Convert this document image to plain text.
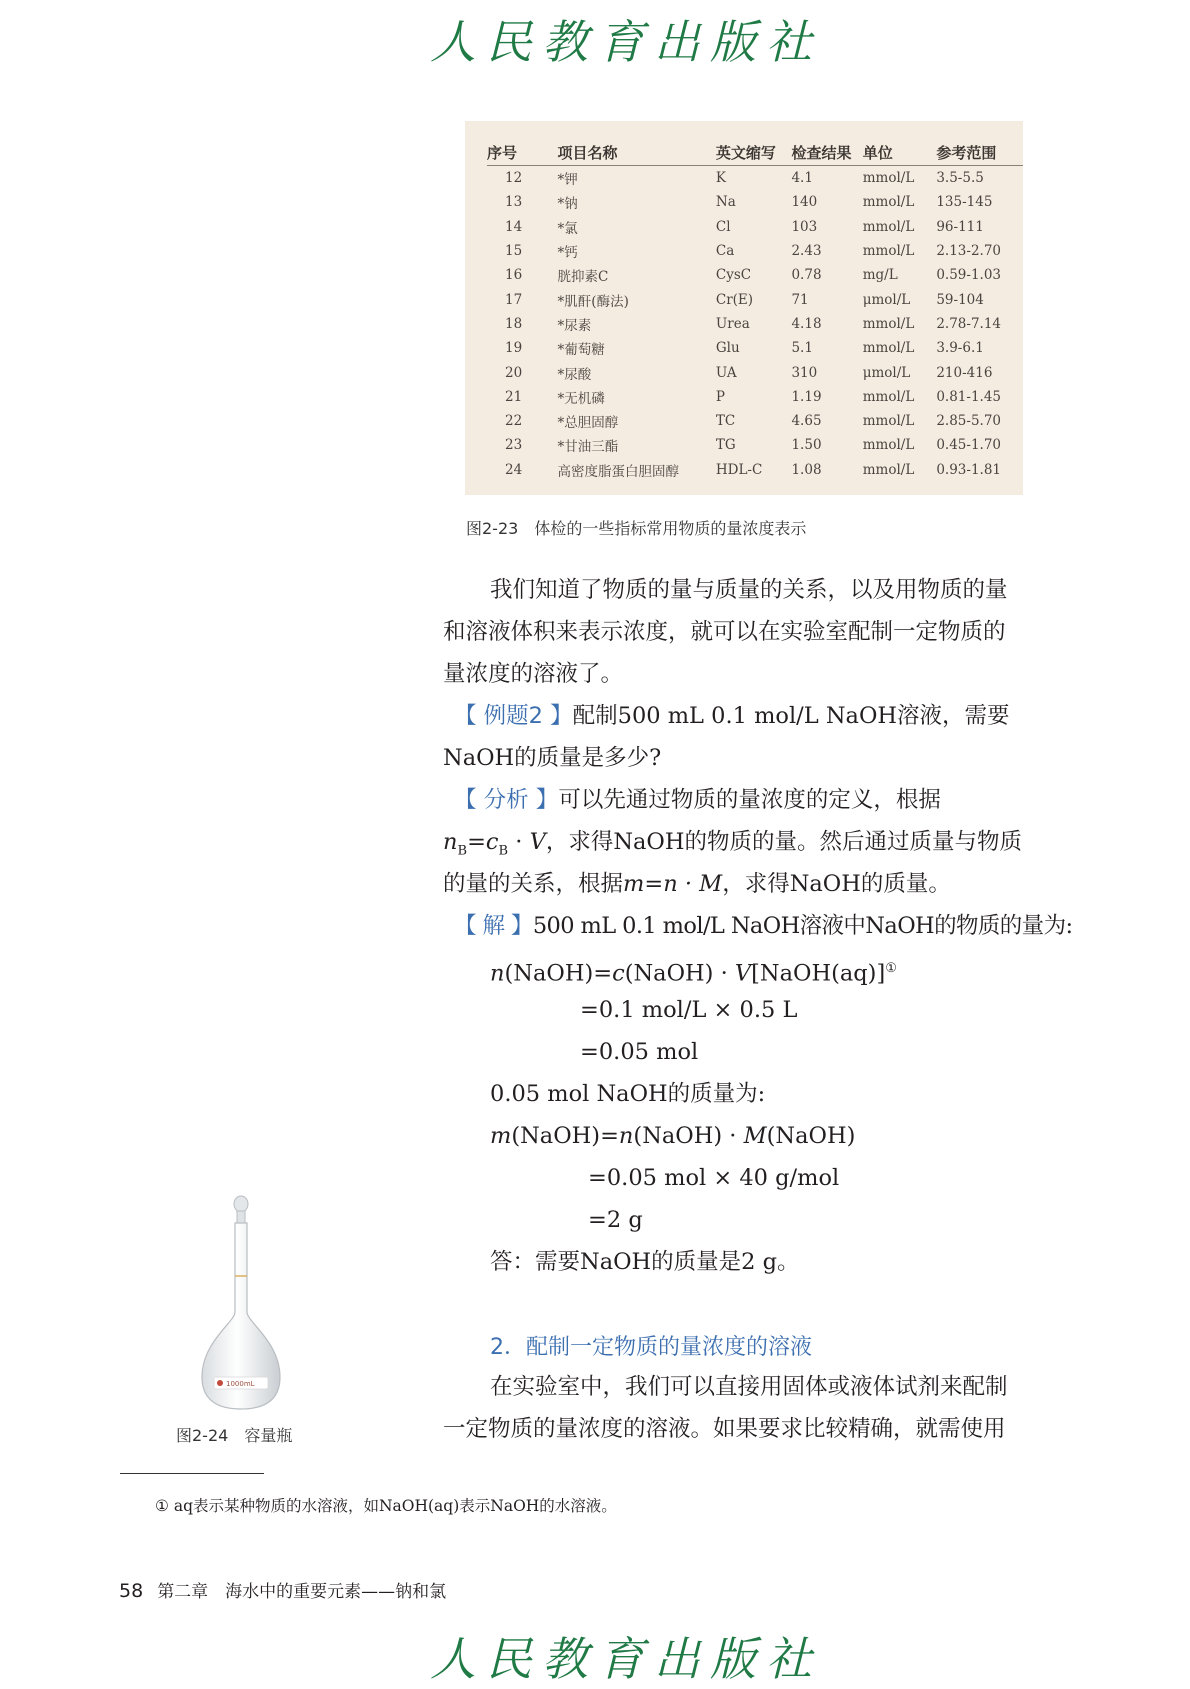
人民教育出版社
序号	项目名称	英文缩写	检查结果	单位	参考范围

12	*钾	K	4.1	mmol/L	3.5-5.5
13	*钠	Na	140	mmol/L	135-145
14	*氯	Cl	103	mmol/L	96-111
15	*钙	Ca	2.43	mmol/L	2.13-2.70
16	胱抑素C	CysC	0.78	mg/L	0.59-1.03
17	*肌酐(酶法)	Cr(E)	71	μmol/L	59-104
18	*尿素	Urea	4.18	mmol/L	2.78-7.14
19	*葡萄糖	Glu	5.1	mmol/L	3.9-6.1
20	*尿酸	UA	310	μmol/L	210-416
21	*无机磷	P	1.19	mmol/L	0.81-1.45
22	*总胆固醇	TC	4.65	mmol/L	2.85-5.70
23	*甘油三酯	TG	1.50	mmol/L	0.45-1.70
24	高密度脂蛋白胆固醇	HDL-C	1.08	mmol/L	0.93-1.81
图2-23　体检的一些指标常用物质的量浓度表示
我们知道了物质的量与质量的关系，以及用物质的量
和溶液体积来表示浓度，就可以在实验室配制一定物质的
量浓度的溶液了。
【 例题2 】配制500 mL 0.1 mol/L NaOH溶液，需要
NaOH的质量是多少?
【 分析 】可以先通过物质的量浓度的定义，根据
$n_B=c_B \cdot V$，求得NaOH的物质的量。然后通过质量与物质
的量的关系，根据m=n · M，求得NaOH的质量。
【 解 】500 mL 0.1 mol/L NaOH溶液中NaOH的物质的量为:
n(NaOH)=c(NaOH) · V[NaOH(aq)]①
=0.1 mol/L × 0.5 L
=0.05 mol
0.05 mol NaOH的质量为:
m(NaOH)=n(NaOH) · M(NaOH)
=0.05 mol × 40 g/mol
=2 g
答：需要NaOH的质量是2 g。
2．配制一定物质的量浓度的溶液
在实验室中，我们可以直接用固体或液体试剂来配制
一定物质的量浓度的溶液。如果要求比较精确，就需使用
1000mL
图2-24　容量瓶
① aq表示某种物质的水溶液，如NaOH(aq)表示NaOH的水溶液。
58 第二章　海水中的重要元素——钠和氯
人民教育出版社
